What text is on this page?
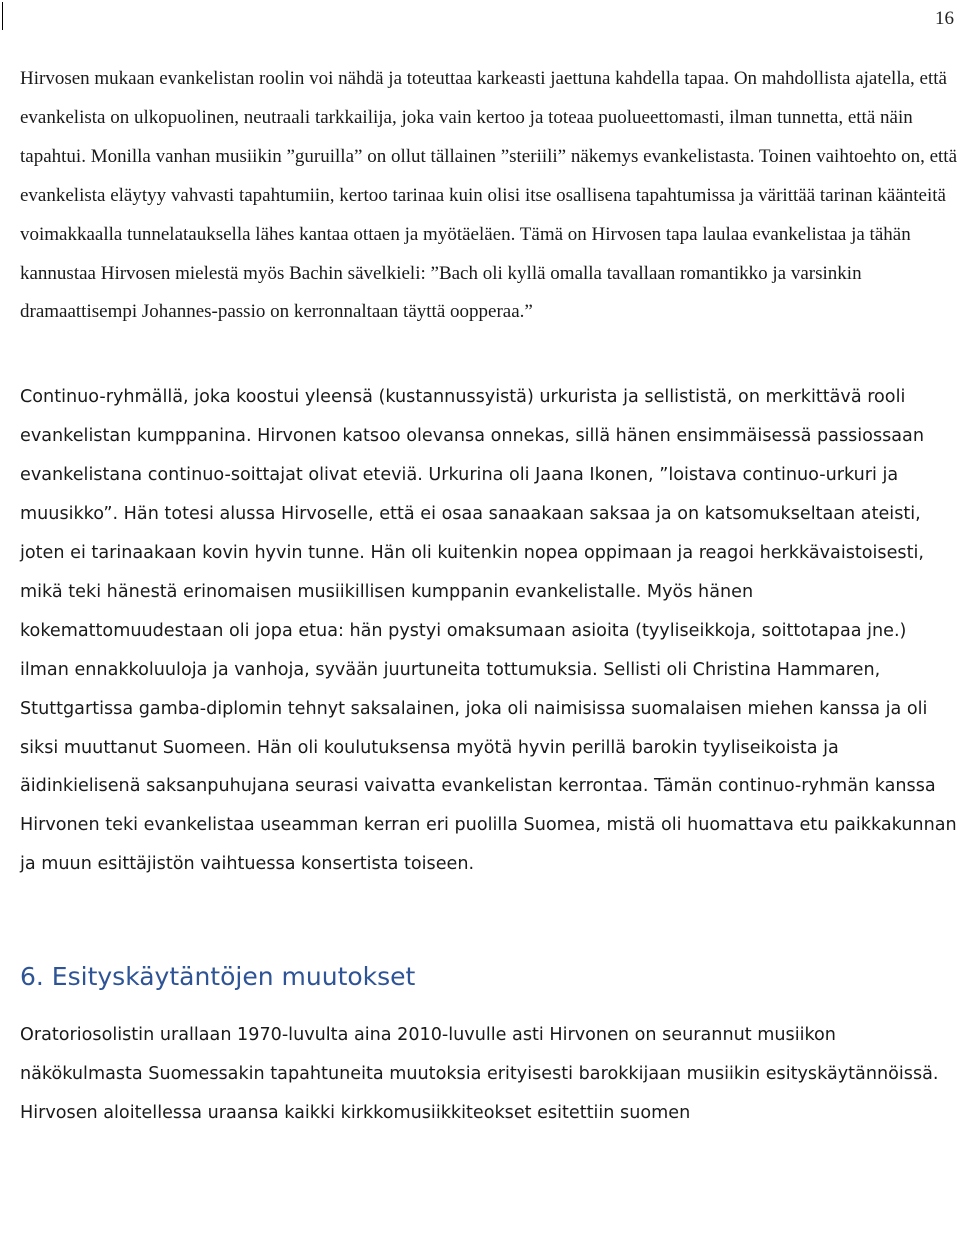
16

Hirvosen mukaan evankelistan roolin voi nähdä ja toteuttaa karkeasti jaettuna kahdella tapaa. On mahdollista ajatella, että evankelista on ulkopuolinen, neutraali tarkkailija, joka vain kertoo ja toteaa puolueettomasti, ilman tunnetta, että näin tapahtui. Monilla vanhan musiikin ”guruilla” on ollut tällainen ”steriili” näkemys evankelistasta. Toinen vaihtoehto on, että evankelista eläytyy vahvasti tapahtumiin, kertoo tarinaa kuin olisi itse osallisena tapahtumissa ja värittää tarinan käänteitä voimakkaalla tunnelatauksella lähes kantaa ottaen ja myötäeläen. Tämä on Hirvosen tapa laulaa evankelistaa ja tähän kannustaa Hirvosen mielestä myös Bachin sävelkieli: ”Bach oli kyllä omalla tavallaan romantikko ja varsinkin dramaattisempi Johannes-passio on kerronnaltaan täyttä oopperaa.”

Continuo-ryhmällä, joka koostui yleensä (kustannussyistä) urkurista ja sellististä, on merkittävä rooli evankelistan kumppanina. Hirvonen katsoo olevansa onnekas, sillä hänen ensimmäisessä passiossaan evankelistana continuo-soittajat olivat eteviä. Urkurina oli Jaana Ikonen, ”loistava continuo-urkuri ja muusikko”. Hän totesi alussa Hirvoselle, että ei osaa sanaakaan saksaa ja on katsomukseltaan ateisti, joten ei tarinaakaan kovin hyvin tunne. Hän oli kuitenkin nopea oppimaan ja reagoi herkkävaistoisesti, mikä teki hänestä erinomaisen musiikillisen kumppanin evankelistalle. Myös hänen kokemattomuudestaan oli jopa etua: hän pystyi omaksumaan asioita (tyyliseikkoja, soittotapaa jne.) ilman ennakkoluuloja ja vanhoja, syvään juurtuneita tottumuksia. Sellisti oli Christina Hammaren, Stuttgartissa gamba-diplomin tehnyt saksalainen, joka oli naimisissa suomalaisen miehen kanssa ja oli siksi muuttanut Suomeen. Hän oli koulutuksensa myötä hyvin perillä barokin tyyliseikoista ja äidinkielisenä saksanpuhujana seurasi vaivatta evankelistan kerrontaa. Tämän continuo-ryhmän kanssa Hirvonen teki evankelistaa useamman kerran eri puolilla Suomea, mistä oli huomattava etu paikkakunnan ja muun esittäjistön vaihtuessa konsertista toiseen.

6. Esityskäytäntöjen muutokset

Oratoriosolistin urallaan 1970-luvulta aina 2010-luvulle asti Hirvonen on seurannut musiikon näkökulmasta Suomessakin tapahtuneita muutoksia erityisesti barokkijaan musiikin esityskäytännöissä. Hirvosen aloitellessa uraansa kaikki kirkkomusiikkiteokset esitettiin suomen
